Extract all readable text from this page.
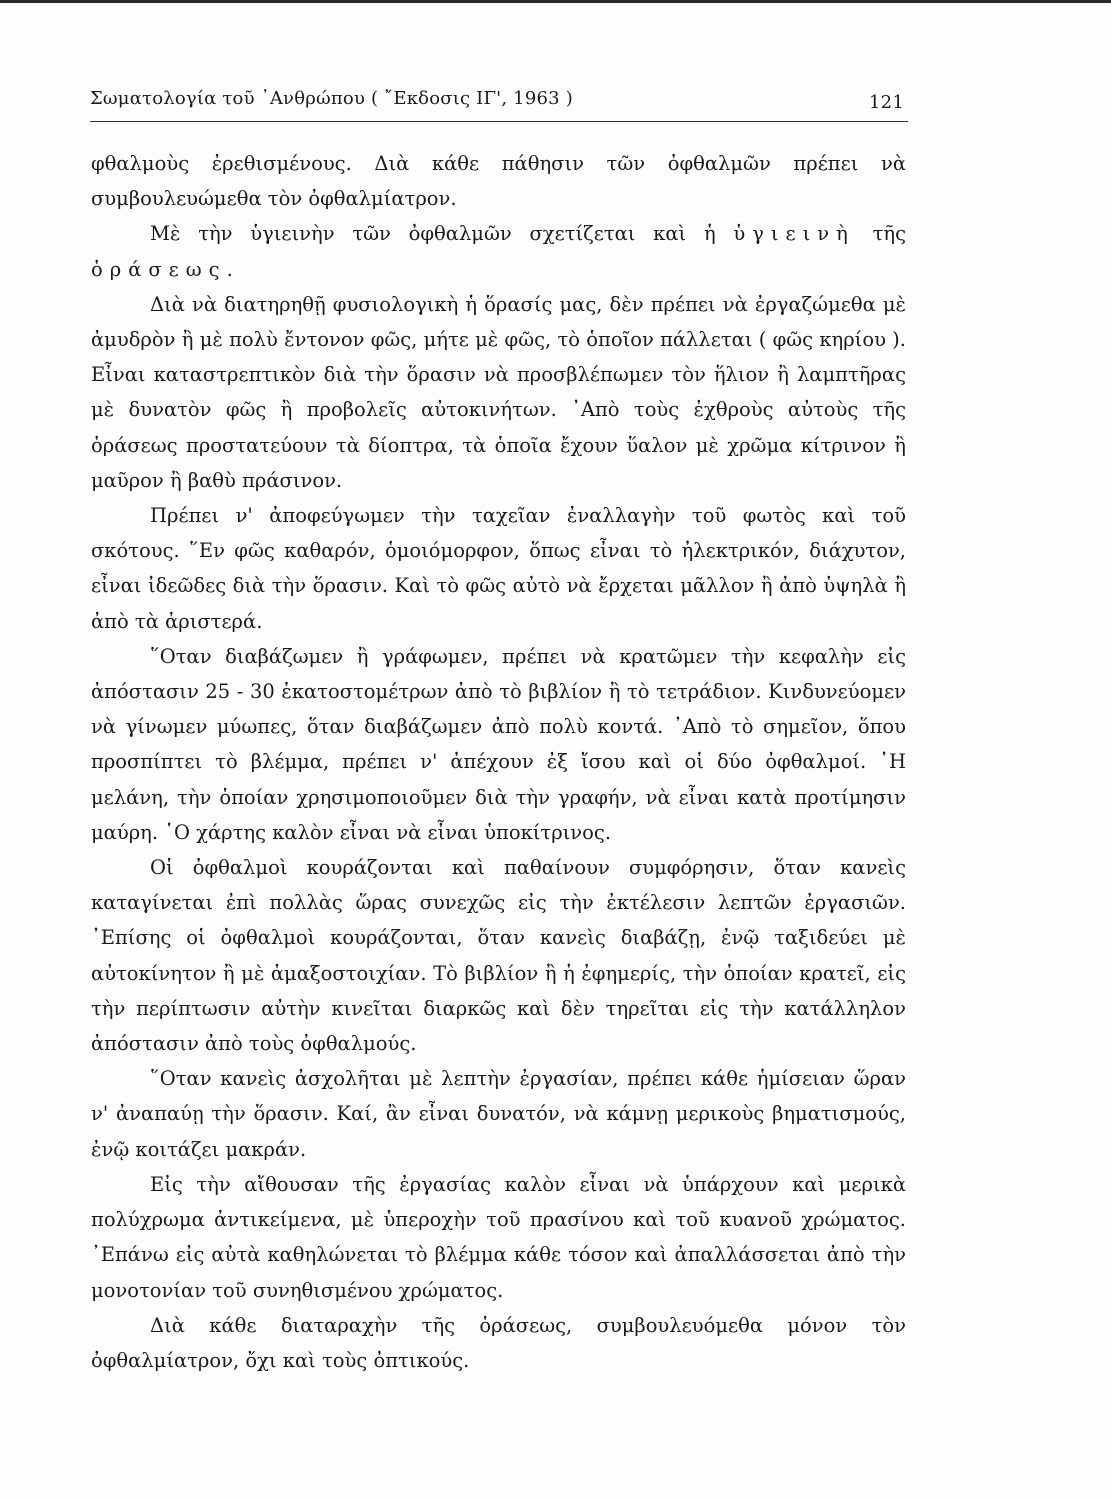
Σωματολογία τοῦ ᾿Ανθρώπου ( ῎Εκδοσις ΙΓ', 1963 )	121

φθαλμοὺς ἐρεθισμένους. Διὰ κάθε πάθησιν τῶν ὀφθαλμῶν πρέπει νὰ συμβουλευώμεθα τὸν ὀφθαλμίατρον.

Μὲ τὴν ὑγιεινὴν τῶν ὀφθαλμῶν σχετίζεται καὶ ἡ ὑγιεινὴ τῆς ὁράσεως.

Διὰ νὰ διατηρηθῇ φυσιολογικὴ ἡ ὅρασίς μας, δὲν πρέπει νὰ ἐργαζώμεθα μὲ ἀμυδρὸν ἢ μὲ πολὺ ἔντονον φῶς, μήτε μὲ φῶς, τὸ ὁποῖον πάλλεται ( φῶς κηρίου ). Εἶναι καταστρεπτικὸν διὰ τὴν ὅρασιν νὰ προσβλέπωμεν τὸν ἥλιον ἢ λαμπτῆρας μὲ δυνατὸν φῶς ἢ προβολεῖς αὐτοκινήτων. ᾿Απὸ τοὺς ἐχθροὺς αὐτοὺς τῆς ὁράσεως προστατεύουν τὰ δίοπτρα, τὰ ὁποῖα ἔχουν ὕαλον μὲ χρῶμα κίτρινον ἢ μαῦρον ἢ βαθὺ πράσινον.

Πρέπει ν' ἀποφεύγωμεν τὴν ταχεῖαν ἐναλλαγὴν τοῦ φωτὸς καὶ τοῦ σκότους. ῞Εν φῶς καθαρόν, ὁμοιόμορφον, ὅπως εἶναι τὸ ἠλεκτρικόν, διάχυτον, εἶναι ἰδεῶδες διὰ τὴν ὅρασιν. Καὶ τὸ φῶς αὐτὸ νὰ ἔρχεται μᾶλλον ἢ ἀπὸ ὑψηλὰ ἢ ἀπὸ τὰ ἀριστερά.

῞Οταν διαβάζωμεν ἢ γράφωμεν, πρέπει νὰ κρατῶμεν τὴν κεφαλὴν εἰς ἀπόστασιν 25 - 30 ἑκατοστομέτρων ἀπὸ τὸ βιβλίον ἢ τὸ τετράδιον. Κινδυνεύομεν νὰ γίνωμεν μύωπες, ὅταν διαβάζωμεν ἀπὸ πολὺ κοντά. ᾿Απὸ τὸ σημεῖον, ὅπου προσπίπτει τὸ βλέμμα, πρέπει ν' ἀπέχουν ἐξ ἴσου καὶ οἱ δύο ὀφθαλμοί. ῾Η μελάνη, τὴν ὁποίαν χρησιμοποιοῦμεν διὰ τὴν γραφήν, νὰ εἶναι κατὰ προτίμησιν μαύρη. ῾Ο χάρτης καλὸν εἶναι νὰ εἶναι ὑποκίτρινος.

Οἱ ὀφθαλμοὶ κουράζονται καὶ παθαίνουν συμφόρησιν, ὅταν κανεὶς καταγίνεται ἐπὶ πολλὰς ὥρας συνεχῶς εἰς τὴν ἐκτέλεσιν λεπτῶν ἐργασιῶν. ᾿Επίσης οἱ ὀφθαλμοὶ κουράζονται, ὅταν κανεὶς διαβάζῃ, ἐνῷ ταξιδεύει μὲ αὐτοκίνητον ἢ μὲ ἁμαξοστοιχίαν. Τὸ βιβλίον ἢ ἡ ἐφημερίς, τὴν ὁποίαν κρατεῖ, εἰς τὴν περίπτωσιν αὐτὴν κινεῖται διαρκῶς καὶ δὲν τηρεῖται εἰς τὴν κατάλληλον ἀπόστασιν ἀπὸ τοὺς ὀφθαλμούς.

῞Οταν κανεὶς ἀσχολῆται μὲ λεπτὴν ἐργασίαν, πρέπει κάθε ἡμίσειαν ὥραν ν' ἀναπαύῃ τὴν ὅρασιν. Καί, ἂν εἶναι δυνατόν, νὰ κάμνῃ μερικοὺς βηματισμούς, ἐνῷ κοιτάζει μακράν.

Εἰς τὴν αἴθουσαν τῆς ἐργασίας καλὸν εἶναι νὰ ὑπάρχουν καὶ μερικὰ πολύχρωμα ἀντικείμενα, μὲ ὑπεροχὴν τοῦ πρασίνου καὶ τοῦ κυανοῦ χρώματος. ᾿Επάνω εἰς αὐτὰ καθηλώνεται τὸ βλέμμα κάθε τόσον καὶ ἀπαλλάσσεται ἀπὸ τὴν μονοτονίαν τοῦ συνηθισμένου χρώματος.

Διὰ κάθε διαταραχὴν τῆς ὁράσεως, συμβουλευόμεθα μόνον τὸν ὀφθαλμίατρον, ὄχι καὶ τοὺς ὀπτικούς.
